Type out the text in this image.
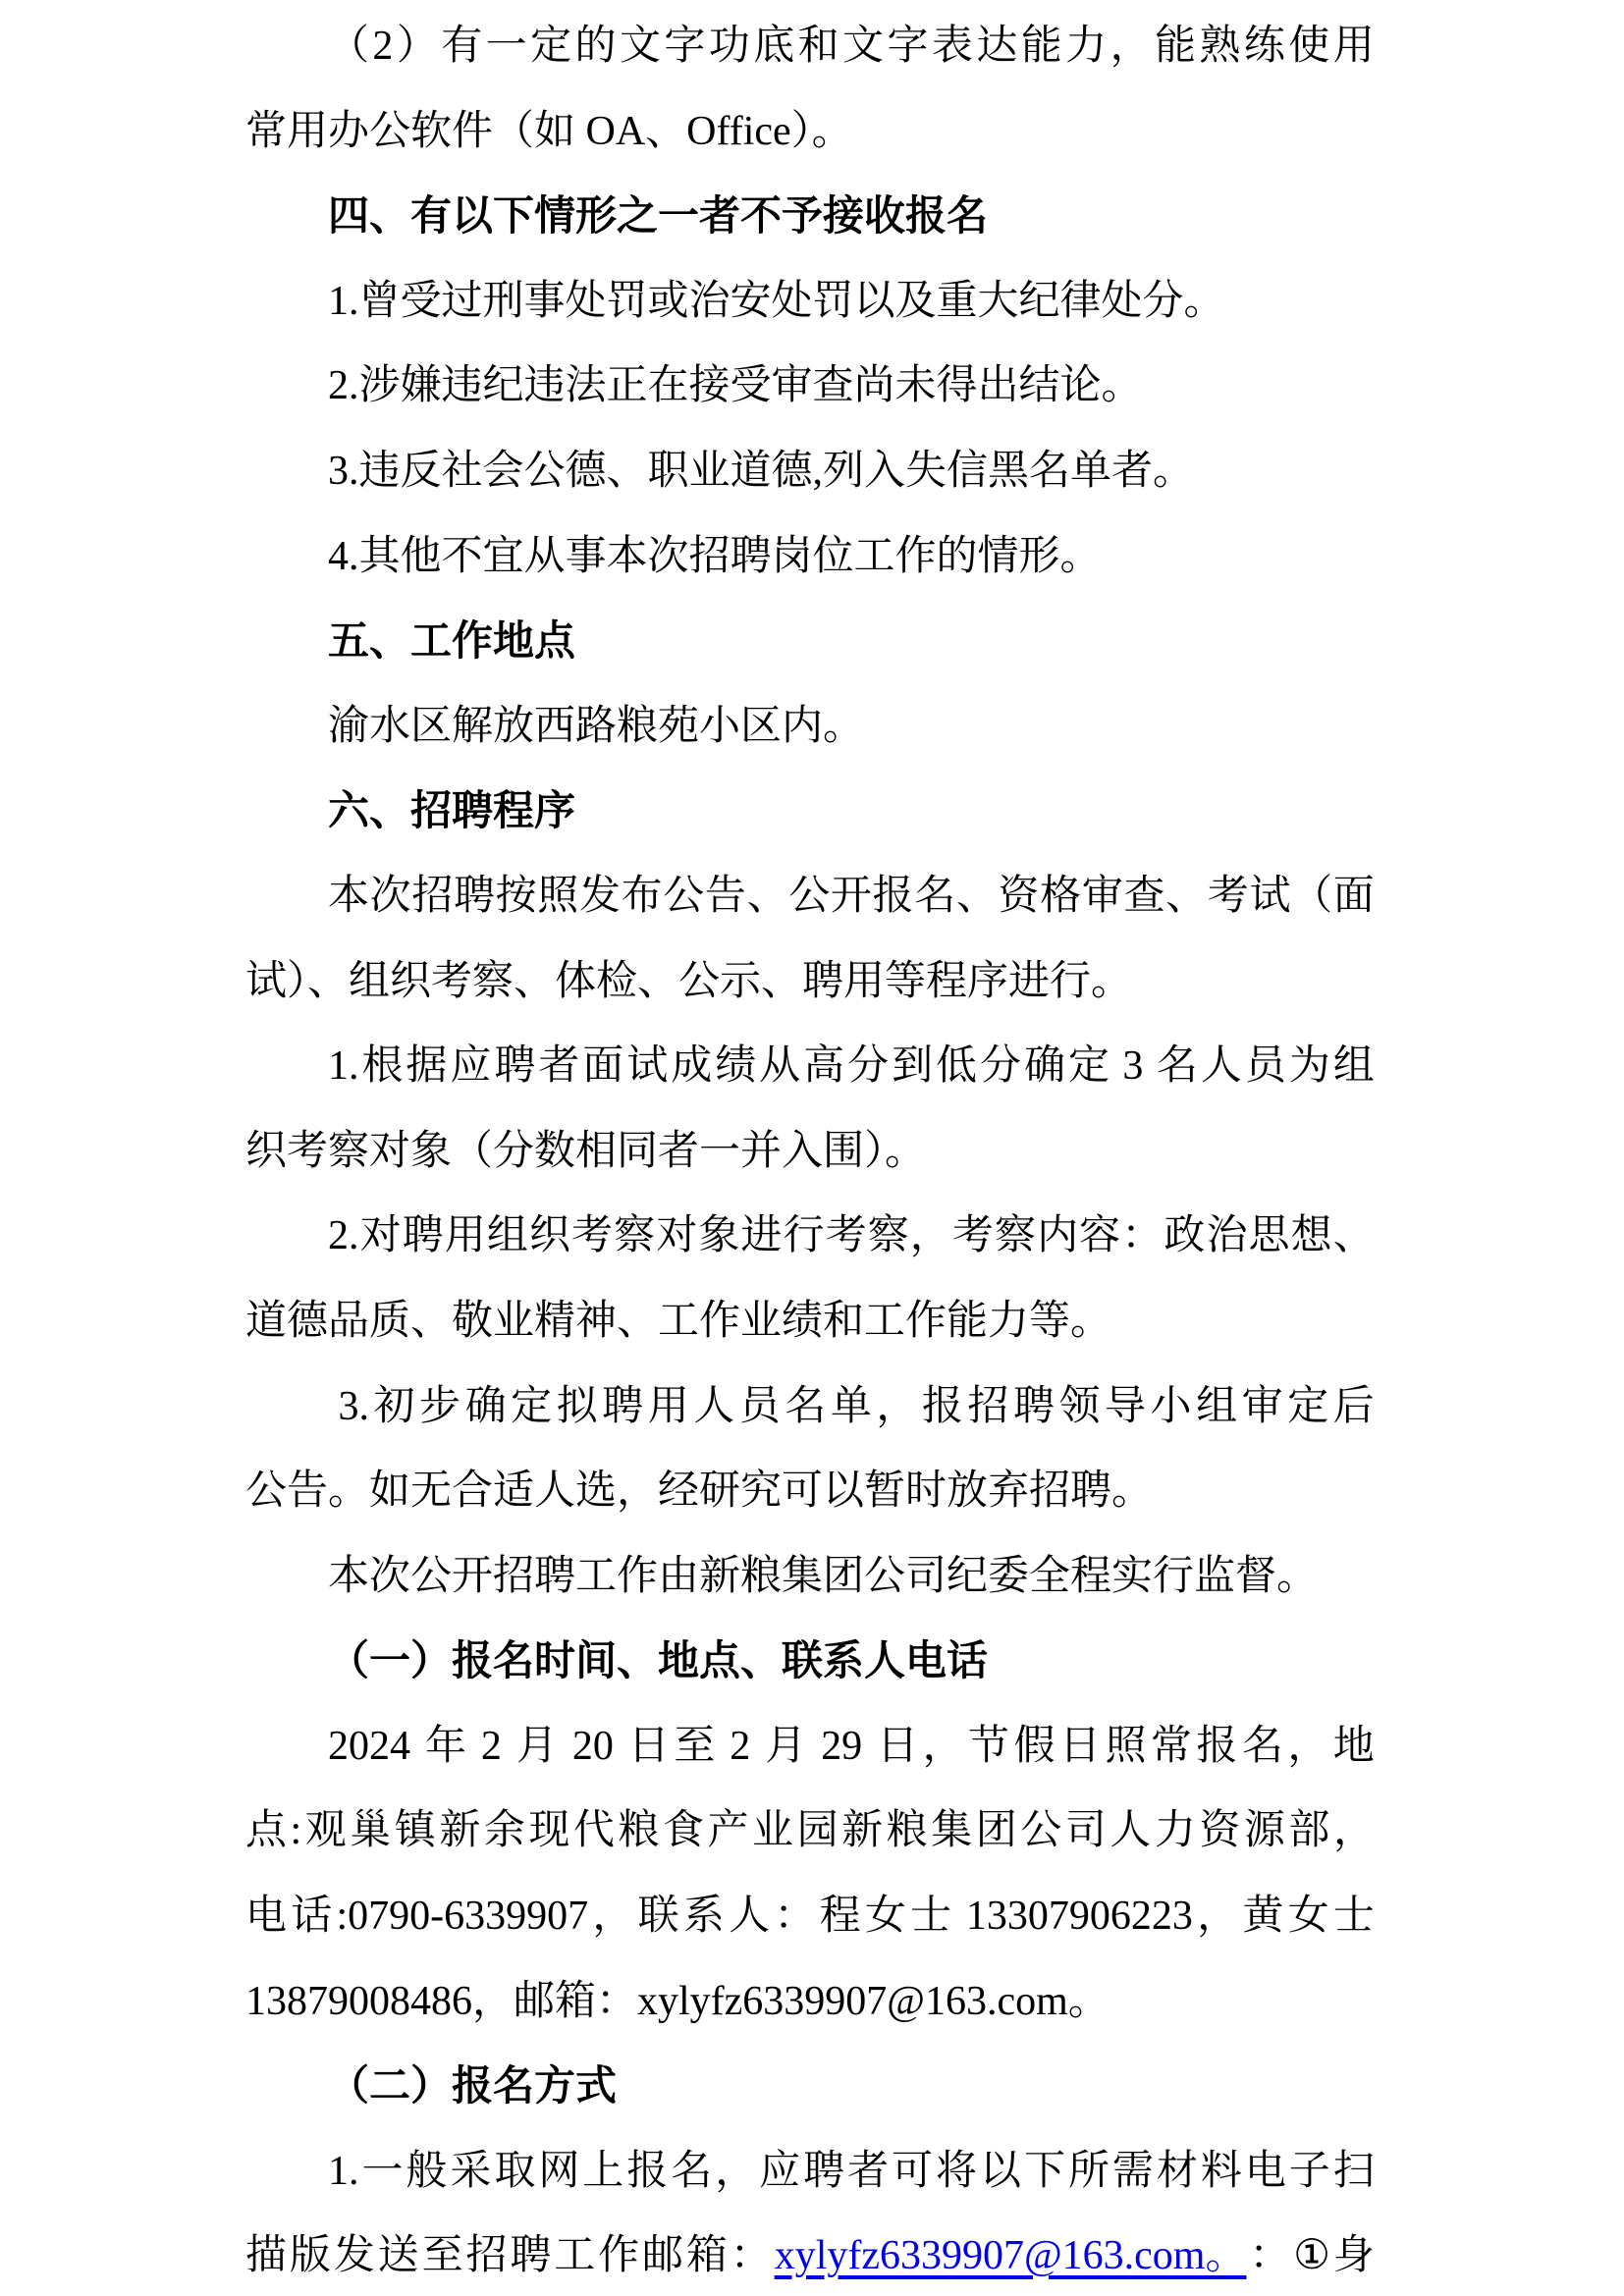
（ 2 ） 有 一 定 的 文 字 功 底 和 文 字 表 达 能 力 ， 能 熟 练 使 用
常用办公软件（如 OA、Office）。
四、有以下情形之一者不予接收报名
1.曾受过刑事处罚或治安处罚以及重大纪律处分。
2.涉嫌违纪违法正在接受审查尚未得出结论。
3.违反社会公德、职业道德,列入失信黑名单者。
4.其他不宜从事本次招聘岗位工作的情形。
五、工作地点
渝水区解放西路粮苑小区内。
六、招聘程序
本 次 招 聘 按 照 发 布 公 告 、 公 开 报 名 、 资 格 审 查 、 考 试 （ 面
试）、组织考察、体检、公示、聘用等程序进行。
1. 根 据 应 聘 者 面 试 成 绩 从 高 分 到 低 分 确 定 3 名 人 员 为 组
织考察对象（分数相同者一并入围）。
2. 对 聘 用 组 织 考 察 对 象 进 行 考 察 ， 考 察 内 容 ： 政 治 思 想 、
道德品质、敬业精神、工作业绩和工作能力等。
3. 初 步 确 定 拟 聘 用 人 员 名 单 ， 报 招 聘 领 导 小 组 审 定 后
公告。如无合适人选，经研究可以暂时放弃招聘。
本次公开招聘工作由新粮集团公司纪委全程实行监督。
（一）报名时间、地点、联系人电话
2024 年 2 月 20 日 至 2 月 29 日 ， 节 假 日 照 常 报 名 ， 地
点 : 观 巢 镇 新 余 现 代 粮 食 产 业 园 新 粮 集 团 公 司 人 力 资 源 部 ，
电 话 :0790-6339907 ， 联 系 人 ： 程 女 士 13307906223 ， 黄 女 士
13879008486，邮箱：xylyfz6339907@163.com。
（二）报名方式
1. 一 般 采 取 网 上 报 名 ， 应 聘 者 可 将 以 下 所 需 材 料 电 子 扫
描 版 发 送 至 招 聘 工 作 邮 箱 ： xylyfz6339907@163.com。 ： ① 身
